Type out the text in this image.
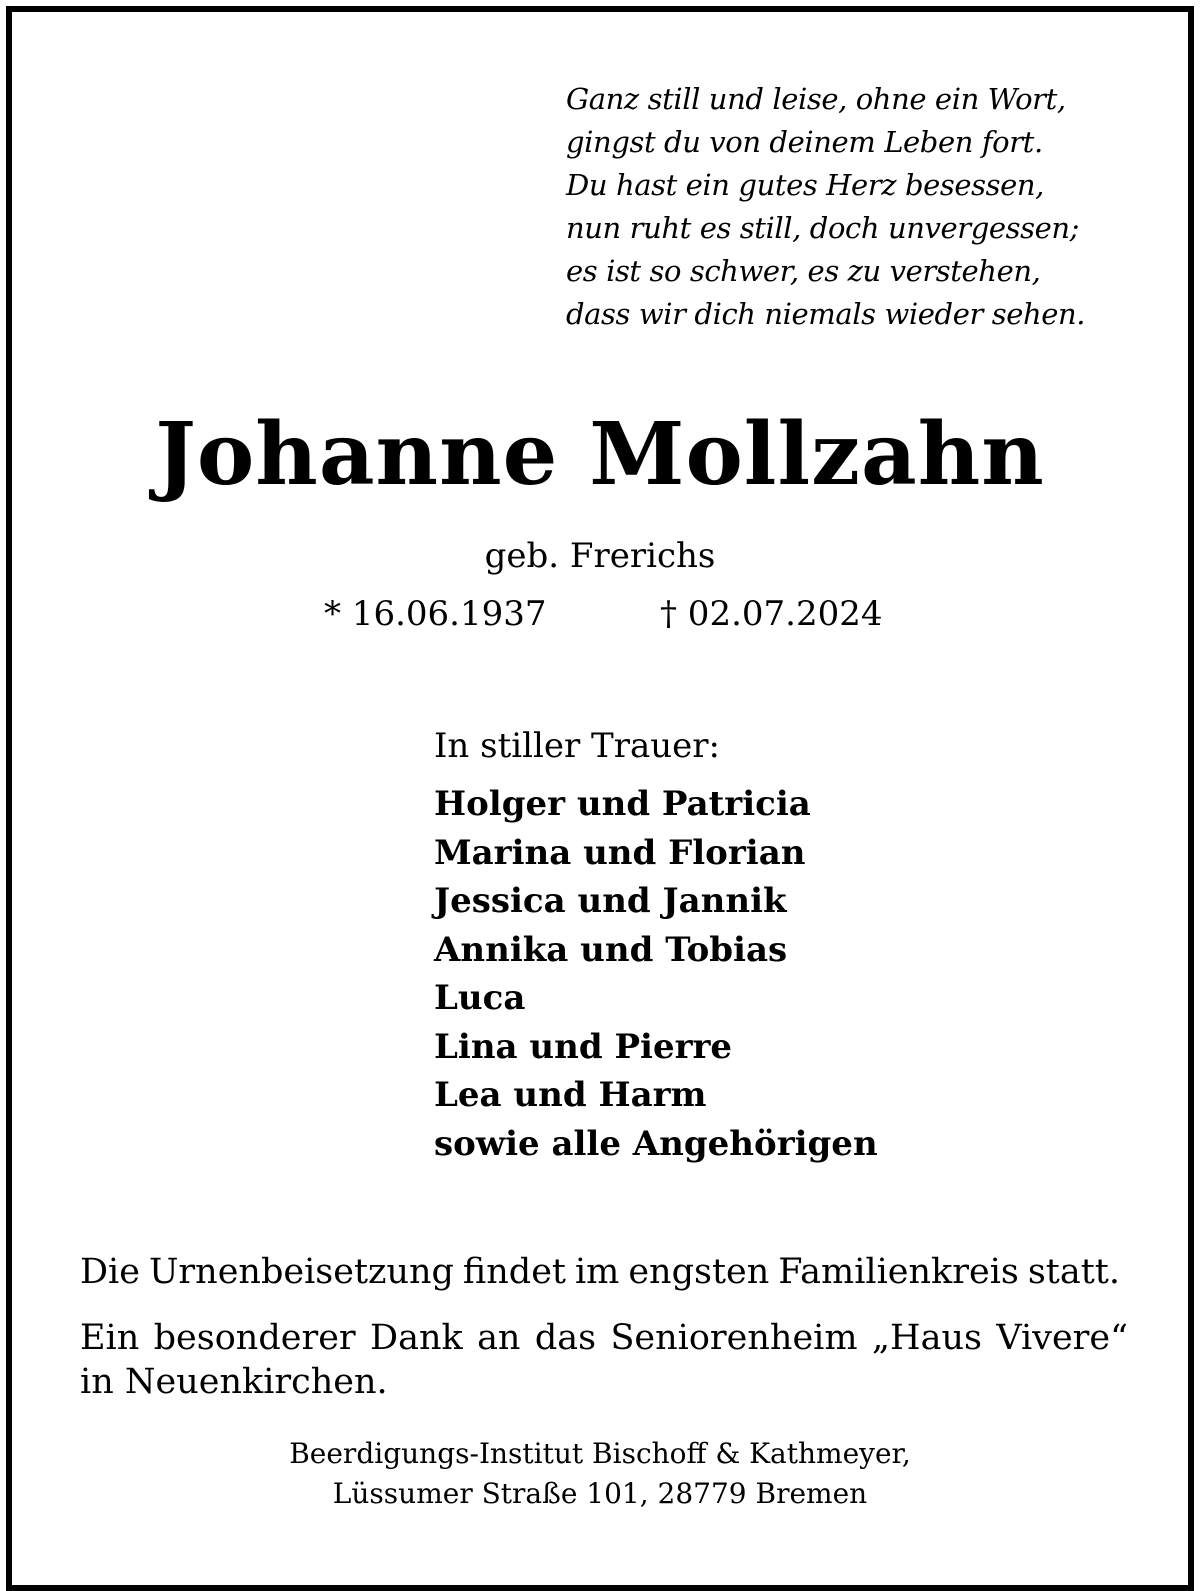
Ganz still und leise, ohne ein Wort,
gingst du von deinem Leben fort.
Du hast ein gutes Herz besessen,
nun ruht es still, doch unvergessen;
es ist so schwer, es zu verstehen,
dass wir dich niemals wieder sehen.
Johanne Mollzahn
geb. Frerichs
* 16.06.1937	† 02.07.2024
In stiller Trauer:
Holger und Patricia
Marina und Florian
Jessica und Jannik
Annika und Tobias
Luca
Lina und Pierre
Lea und Harm
sowie alle Angehörigen
Die Urnenbeisetzung findet im engsten Familienkreis statt.
Ein besonderer Dank an das Seniorenheim „Haus Vivere“
in Neuenkirchen.
Beerdigungs-Institut Bischoff & Kathmeyer,
Lüssumer Straße 101, 28779 Bremen
